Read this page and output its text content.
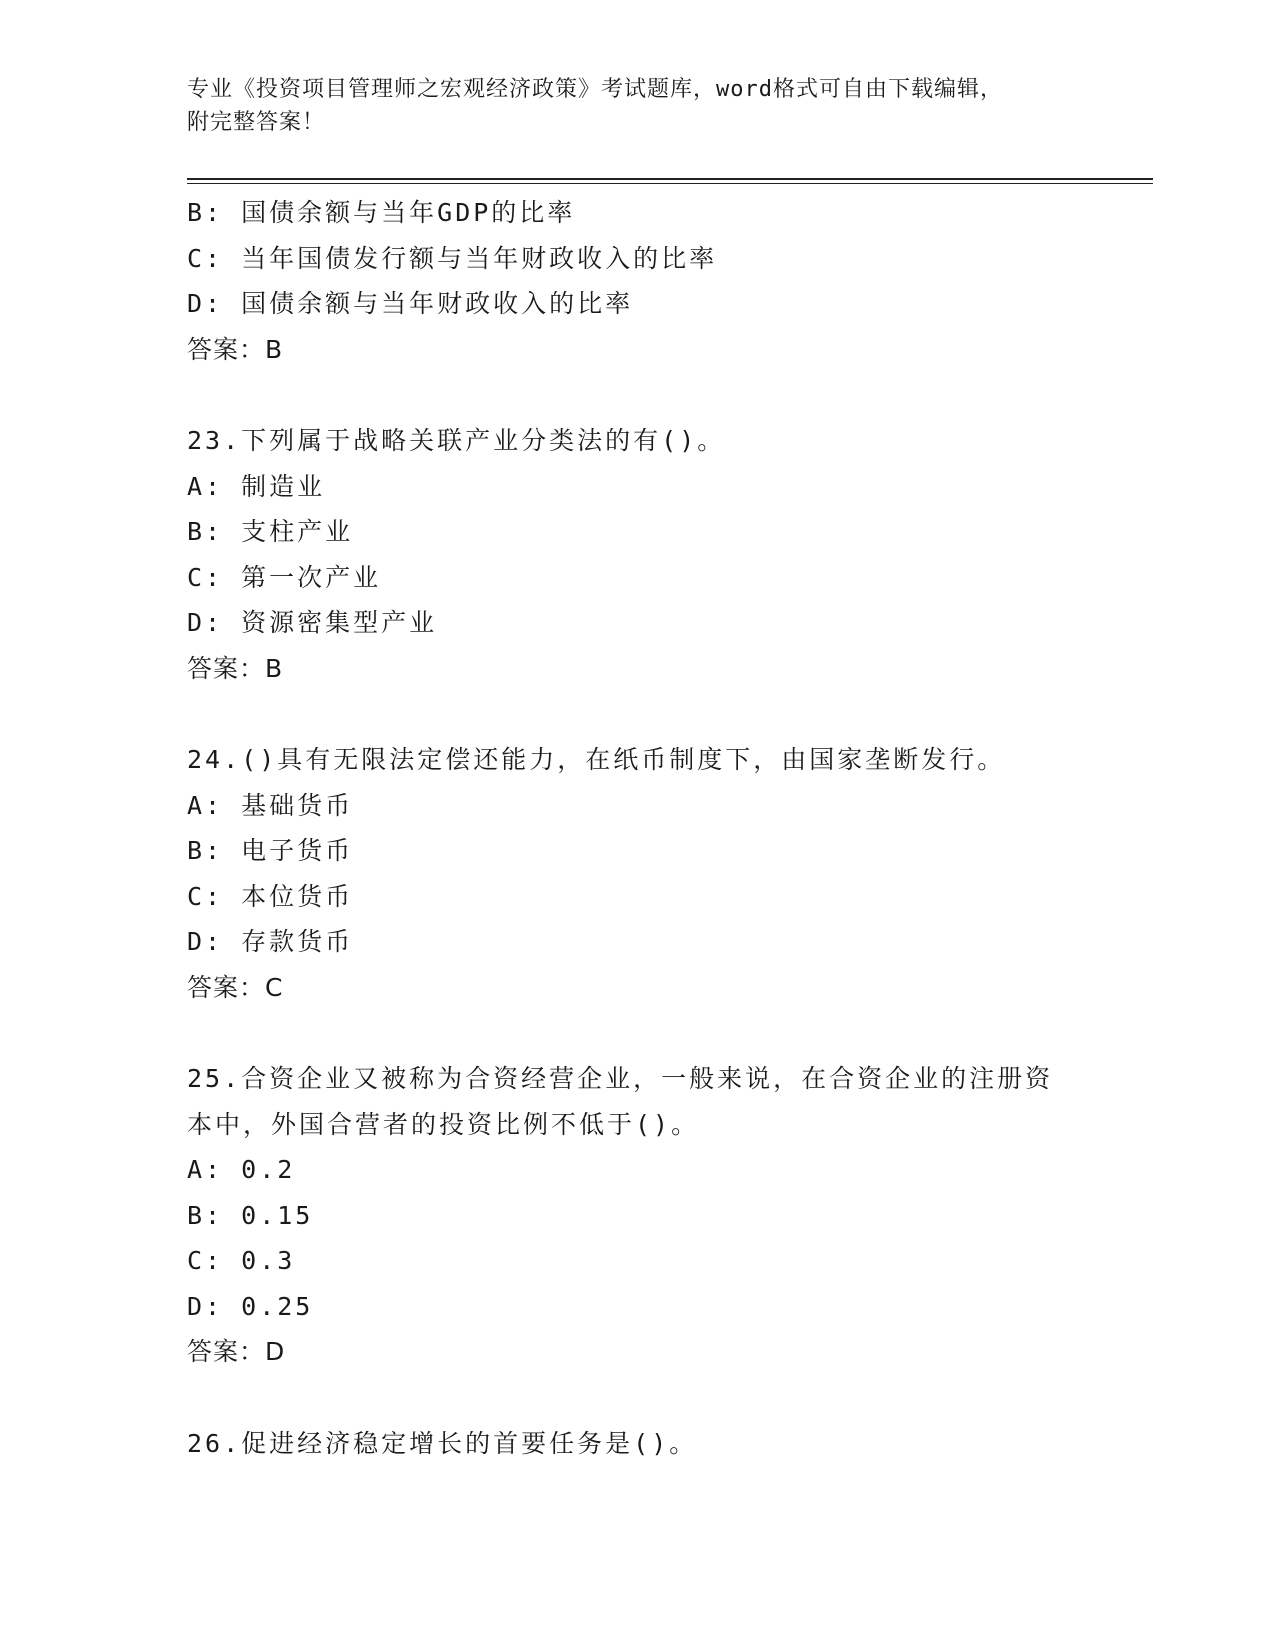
专业《投资项目管理师之宏观经济政策》考试题库，word格式可自由下载编辑，
附完整答案！
B: 国债余额与当年GDP的比率
C: 当年国债发行额与当年财政收入的比率
D: 国债余额与当年财政收入的比率
答案：B
23.下列属于战略关联产业分类法的有()。
A: 制造业
B: 支柱产业
C: 第一次产业
D: 资源密集型产业
答案：B
24.()具有无限法定偿还能力，在纸币制度下，由国家垄断发行。
A: 基础货币
B: 电子货币
C: 本位货币
D: 存款货币
答案：C
25.合资企业又被称为合资经营企业，一般来说，在合资企业的注册资
本中，外国合营者的投资比例不低于()。
A: 0.2
B: 0.15
C: 0.3
D: 0.25
答案：D
26.促进经济稳定增长的首要任务是()。
